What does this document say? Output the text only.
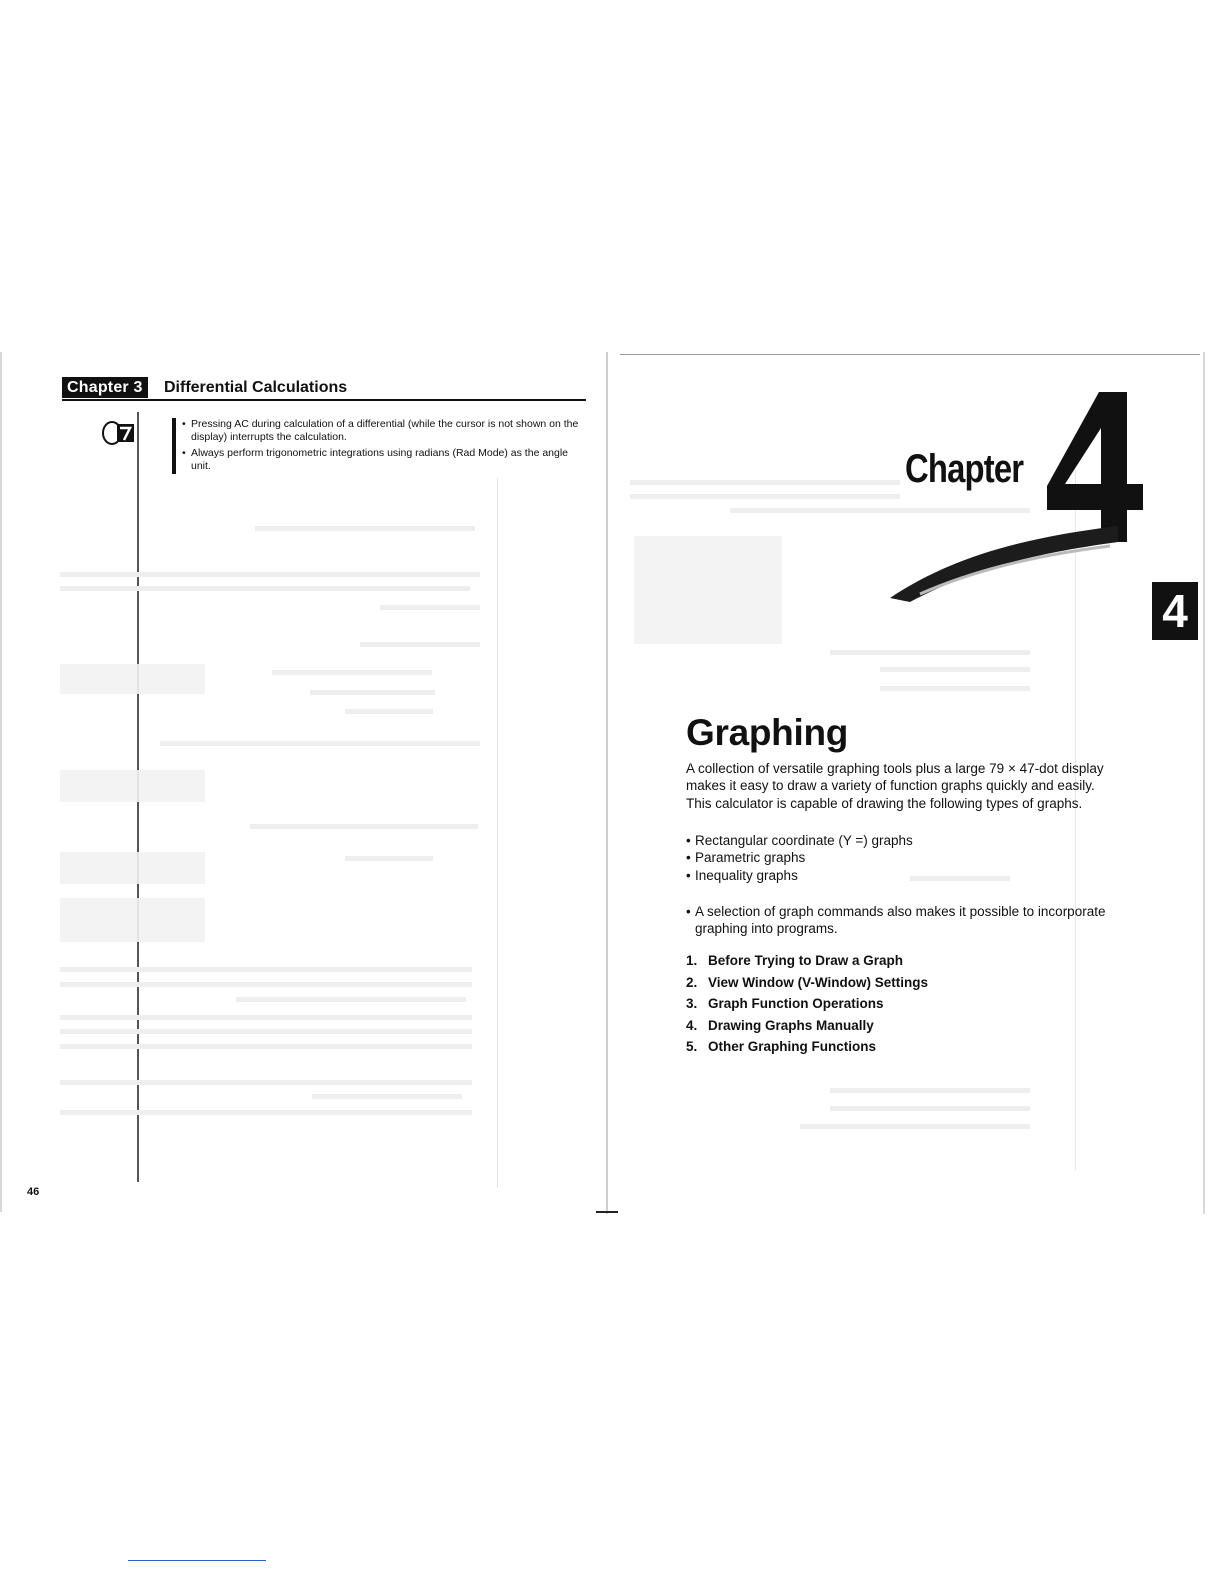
Chapter 3	Differential Calculations
• Pressing AC during calculation of a differential (while the cursor is not shown on the display) interrupts the calculation.
• Always perform trigonometric integrations using radians (Rad Mode) as the angle unit.
46
Chapter
4
Graphing

A collection of versatile graphing tools plus a large 79 × 47-dot display makes it easy to draw a variety of function graphs quickly and easily. This calculator is capable of drawing the following types of graphs.

• Rectangular coordinate (Y =) graphs
• Parametric graphs
• Inequality graphs
• A selection of graph commands also makes it possible to incorporate graphing into programs.
1. Before Trying to Draw a Graph
2. View Window (V-Window) Settings
3. Graph Function Operations
4. Drawing Graphs Manually
5. Other Graphing Functions
